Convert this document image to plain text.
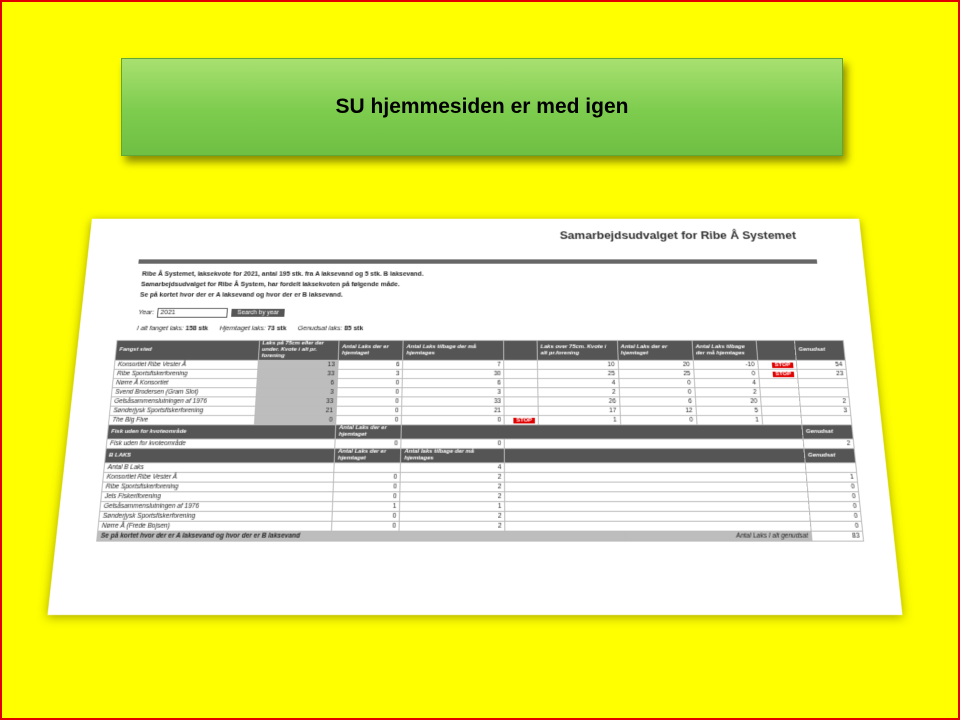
SU hjemmesiden er med igen
Samarbejdsudvalget for Ribe Å Systemet
Ribe Å Systemet, laksekvote for 2021, antal 195 stk. fra A laksevand og 5 stk. B laksevand.
Samarbejdsudvalget for Ribe Å System, har fordelt laksekvoten på følgende måde.
Se på kortet hvor der er A laksevand og hvor der er B laksevand.
Year: 2021	Search by year
I alt fanget laks: 158 stk Hjemtaget laks: 73 stk Genudsat laks: 85 stk
Fangst sted	Laks på 75cm eller der under. Kvote i alt pr. forening	Antal Laks der er hjemtaget	Antal Laks tilbage der må hjemtages		Laks over 75cm. Kvote i alt pr.forening	Antal Laks der er hjemtaget	Antal Laks tilbage der må hjemtages		Genudsat
Konsortiet Ribe Vester Å	13	6	7		10	20	-10	STOP	54
Ribe Sportsfiskerforening	33	3	30		25	25	0	STOP	23
Nørre Å Konsortiet	6	0	6		4	0	4		
Svend Brodersen (Gram Slot)	3	0	3		2	0	2		
Gelsåsammenslutningen af 1976	33	0	33		26	6	20		2
Sønderjysk Sportsfiskerforening	21	0	21		17	12	5		3
The Big Five	0	0	0	STOP	1	0	1		
Fisk uden for kvoteområde		Antal Laks der er hjemtaget							Genudsat
Fisk uden for kvoteområde		0	0						2
B LAKS		Antal Laks der er hjemtaget	Antal laks tilbage der må hjemtages						Genudsat
Antal B Laks			4						
Konsortiet Ribe Vester Å		0	2						1
Ribe Sportsfiskerforening		0	2						0
Jels Fiskeriforening		0	2						0
Gelsåsammenslutningen af 1976		1	1						0
Sønderjysk Sportsfiskerforening		0	2						0
Nørre Å (Frede Bojsen)		0	2						0
Se på kortet hvor der er A laksevand og hvor der er B laksevand						Antal Laks I alt genudsat			83
